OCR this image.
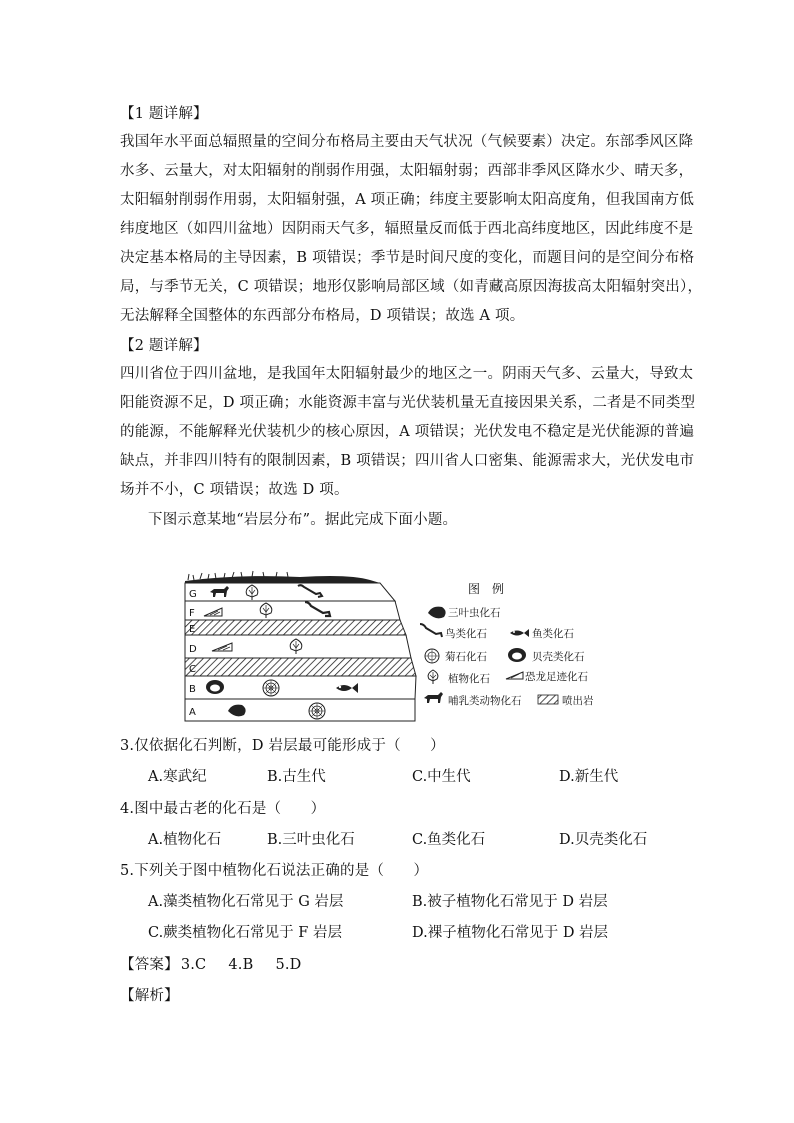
【1 题详解】
我国年水平面总辐照量的空间分布格局主要由天气状况（气候要素）决定。东部季风区降
水多、云量大，对太阳辐射的削弱作用强，太阳辐射弱；西部非季风区降水少、晴天多，
太阳辐射削弱作用弱，太阳辐射强，A 项正确；纬度主要影响太阳高度角，但我国南方低
纬度地区（如四川盆地）因阴雨天气多，辐照量反而低于西北高纬度地区，因此纬度不是
决定基本格局的主导因素，B 项错误；季节是时间尺度的变化，而题目问的是空间分布格
局，与季节无关，C 项错误；地形仅影响局部区域（如青藏高原因海拔高太阳辐射突出），
无法解释全国整体的东西部分布格局，D 项错误；故选 A 项。
【2 题详解】
四川省位于四川盆地，是我国年太阳辐射最少的地区之一。阴雨天气多、云量大，导致太
阳能资源不足，D 项正确；水能资源丰富与光伏装机量无直接因果关系，二者是不同类型
的能源，不能解释光伏装机少的核心原因，A 项错误；光伏发电不稳定是光伏能源的普遍
缺点，并非四川特有的限制因素，B 项错误；四川省人口密集、能源需求大，光伏发电市
场并不小，C 项错误；故选 D 项。
下图示意某地“岩层分布”。据此完成下面小题。
G
F
E
D
C
B
A
图　例
三叶虫化石
鸟类化石	鱼类化石
菊石化石	贝壳类化石
植物化石	恐龙足迹化石
哺乳类动物化石	喷出岩
3.仅依据化石判断，D 岩层最可能形成于（　　）
A.寒武纪	B.古生代	C.中生代	D.新生代
4.图中最古老的化石是（　　）
A.植物化石	B.三叶虫化石	C.鱼类化石	D.贝壳类化石
5.下列关于图中植物化石说法正确的是（　　）
A.藻类植物化石常见于 G 岩层	B.被子植物化石常见于 D 岩层
C.蕨类植物化石常见于 F 岩层	D.裸子植物化石常见于 D 岩层
【答案】 3.C 4.B 5.D
【解析】
